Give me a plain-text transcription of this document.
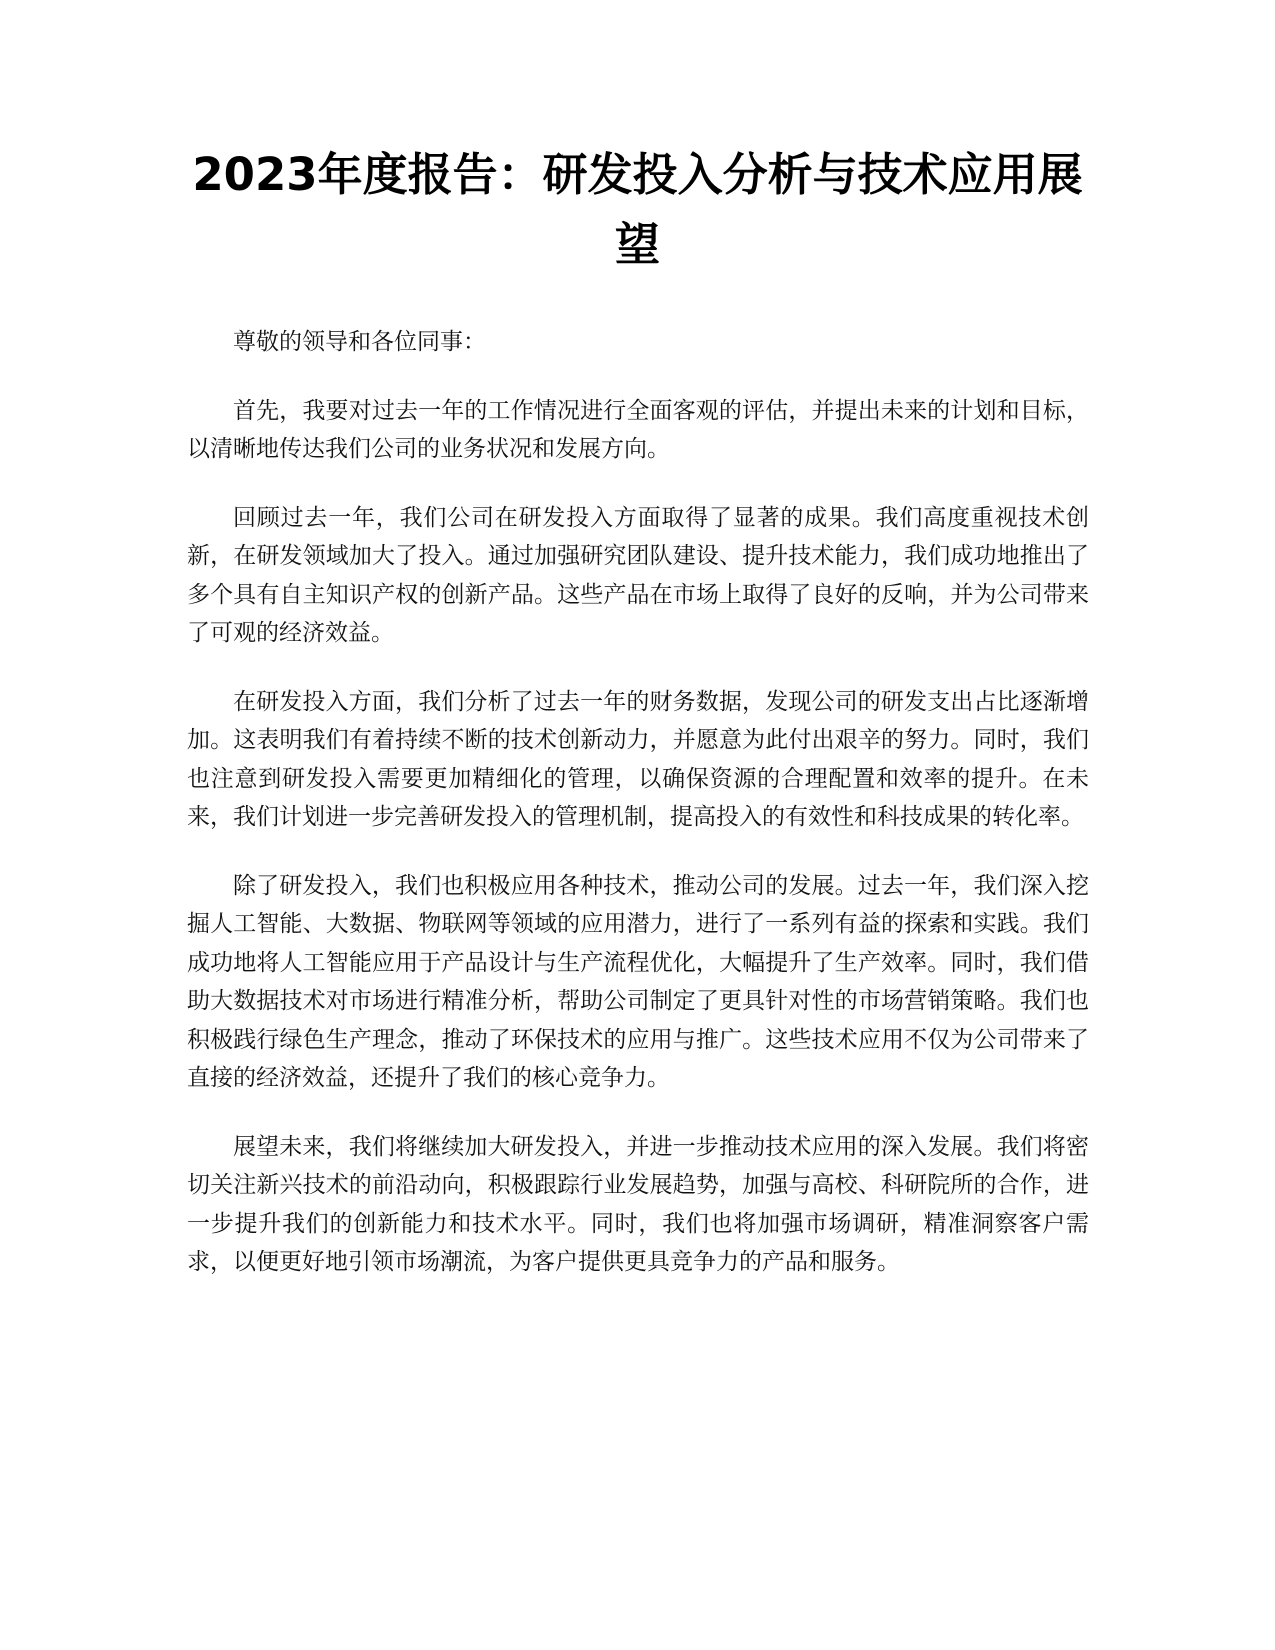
2023年度报告：研发投入分析与技术应用展望

尊敬的领导和各位同事：

首先，我要对过去一年的工作情况进行全面客观的评估，并提出未来的计划和目标，以清晰地传达我们公司的业务状况和发展方向。

回顾过去一年，我们公司在研发投入方面取得了显著的成果。我们高度重视技术创新，在研发领域加大了投入。通过加强研究团队建设、提升技术能力，我们成功地推出了多个具有自主知识产权的创新产品。这些产品在市场上取得了良好的反响，并为公司带来了可观的经济效益。

在研发投入方面，我们分析了过去一年的财务数据，发现公司的研发支出占比逐渐增加。这表明我们有着持续不断的技术创新动力，并愿意为此付出艰辛的努力。同时，我们也注意到研发投入需要更加精细化的管理，以确保资源的合理配置和效率的提升。在未来，我们计划进一步完善研发投入的管理机制，提高投入的有效性和科技成果的转化率。

除了研发投入，我们也积极应用各种技术，推动公司的发展。过去一年，我们深入挖掘人工智能、大数据、物联网等领域的应用潜力，进行了一系列有益的探索和实践。我们成功地将人工智能应用于产品设计与生产流程优化，大幅提升了生产效率。同时，我们借助大数据技术对市场进行精准分析，帮助公司制定了更具针对性的市场营销策略。我们也积极践行绿色生产理念，推动了环保技术的应用与推广。这些技术应用不仅为公司带来了直接的经济效益，还提升了我们的核心竞争力。

展望未来，我们将继续加大研发投入，并进一步推动技术应用的深入发展。我们将密切关注新兴技术的前沿动向，积极跟踪行业发展趋势，加强与高校、科研院所的合作，进一步提升我们的创新能力和技术水平。同时，我们也将加强市场调研，精准洞察客户需求，以便更好地引领市场潮流，为客户提供更具竞争力的产品和服务。
